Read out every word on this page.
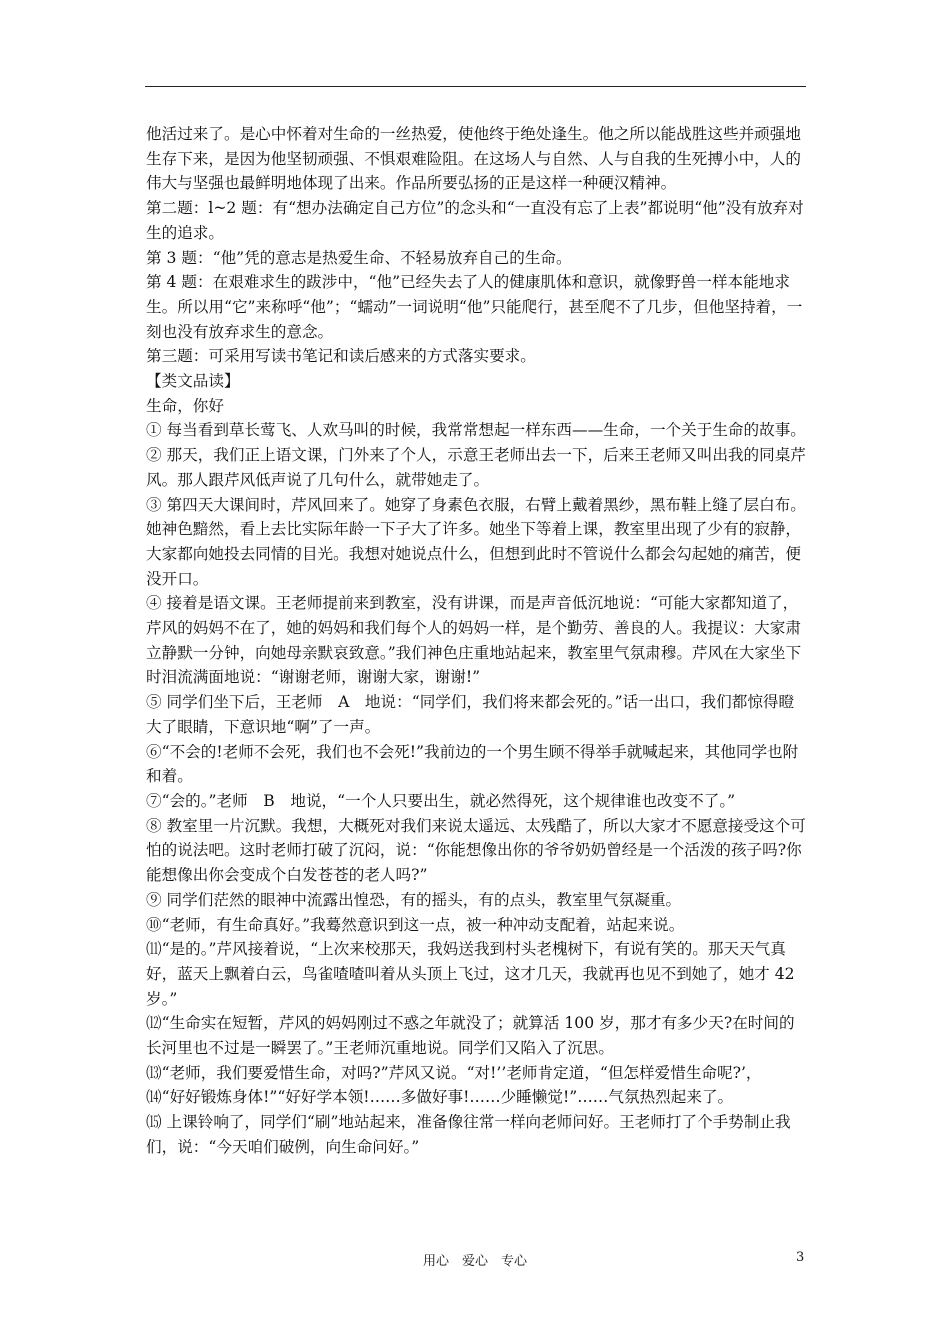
他活过来了。是心中怀着对生命的一丝热爱，使他终于绝处逢生。他之所以能战胜这些并顽强地生存下来，是因为他坚韧顽强、不惧艰难险阻。在这场人与自然、人与自我的生死搏小中，人的伟大与坚强也最鲜明地体现了出来。作品所要弘扬的正是这样一种硬汉精神。

第二题：l~2 题：有“想办法确定自己方位”的念头和“一直没有忘了上表”都说明“他”没有放弃对生的追求。

第 3 题：“他”凭的意志是热爱生命、不轻易放弃自己的生命。

第 4 题：在艰难求生的跋涉中，“他”已经失去了人的健康肌体和意识，就像野兽一样本能地求生。所以用“它”来称呼“他”；“蠕动”一词说明“他”只能爬行，甚至爬不了几步，但他坚持着，一刻也没有放弃求生的意念。

第三题：可采用写读书笔记和读后感来的方式落实要求。

【类文品读】

生命，你好

① 每当看到草长莺飞、人欢马叫的时候，我常常想起一样东西——生命，一个关于生命的故事。

② 那天，我们正上语文课，门外来了个人，示意王老师出去一下，后来王老师又叫出我的同桌芹风。那人跟芹风低声说了几句什么，就带她走了。

③ 第四天大课间时，芹风回来了。她穿了身素色衣服，右臂上戴着黑纱，黑布鞋上缝了层白布。她神色黯然，看上去比实际年龄一下子大了许多。她坐下等着上课，教室里出现了少有的寂静，大家都向她投去同情的目光。我想对她说点什么，但想到此时不管说什么都会勾起她的痛苦，便没开口。

④ 接着是语文课。王老师提前来到教室，没有讲课，而是声音低沉地说：“可能大家都知道了，芹风的妈妈不在了，她的妈妈和我们每个人的妈妈一样，是个勤劳、善良的人。我提议：大家肃立静默一分钟，向她母亲默哀致意。”我们神色庄重地站起来，教室里气氛肃穆。芹风在大家坐下时泪流满面地说：“谢谢老师，谢谢大家，谢谢!”

⑤ 同学们坐下后，王老师　A　地说：“同学们，我们将来都会死的。”话一出口，我们都惊得瞪大了眼睛，下意识地“啊”了一声。

⑥“不会的!老师不会死，我们也不会死!”我前边的一个男生顾不得举手就喊起来，其他同学也附和着。

⑦“会的。”老师　B　地说，“一个人只要出生，就必然得死，这个规律谁也改变不了。”

⑧ 教室里一片沉默。我想，大概死对我们来说太遥远、太残酷了，所以大家才不愿意接受这个可怕的说法吧。这时老师打破了沉闷，说：“你能想像出你的爷爷奶奶曾经是一个活泼的孩子吗?你能想像出你会变成个白发苍苍的老人吗?”

⑨ 同学们茫然的眼神中流露出惶恐，有的摇头，有的点头，教室里气氛凝重。

⑩“老师，有生命真好。”我蓦然意识到这一点，被一种冲动支配着，站起来说。

⑾“是的。”芹风接着说，“上次来校那天，我妈送我到村头老槐树下，有说有笑的。那天天气真好，蓝天上飘着白云，鸟雀喳喳叫着从头顶上飞过，这才几天，我就再也见不到她了，她才 42 岁。”

⑿“生命实在短暂，芹风的妈妈刚过不惑之年就没了；就算活 100 岁，那才有多少天?在时间的长河里也不过是一瞬罢了。”王老师沉重地说。同学们又陷入了沉思。

⒀“老师，我们要爱惜生命，对吗?”芹风又说。“对!’’老师肯定道，“但怎样爱惜生命呢?’，

⒁“好好锻炼身体!”“好好学本领!……多做好事!……少睡懒觉!”……气氛热烈起来了。

⒂ 上课铃响了，同学们“刷”地站起来，准备像往常一样向老师问好。王老师打了个手势制止我们，说：“今天咱们破例，向生命问好。”

用心　爱心　专心	3
